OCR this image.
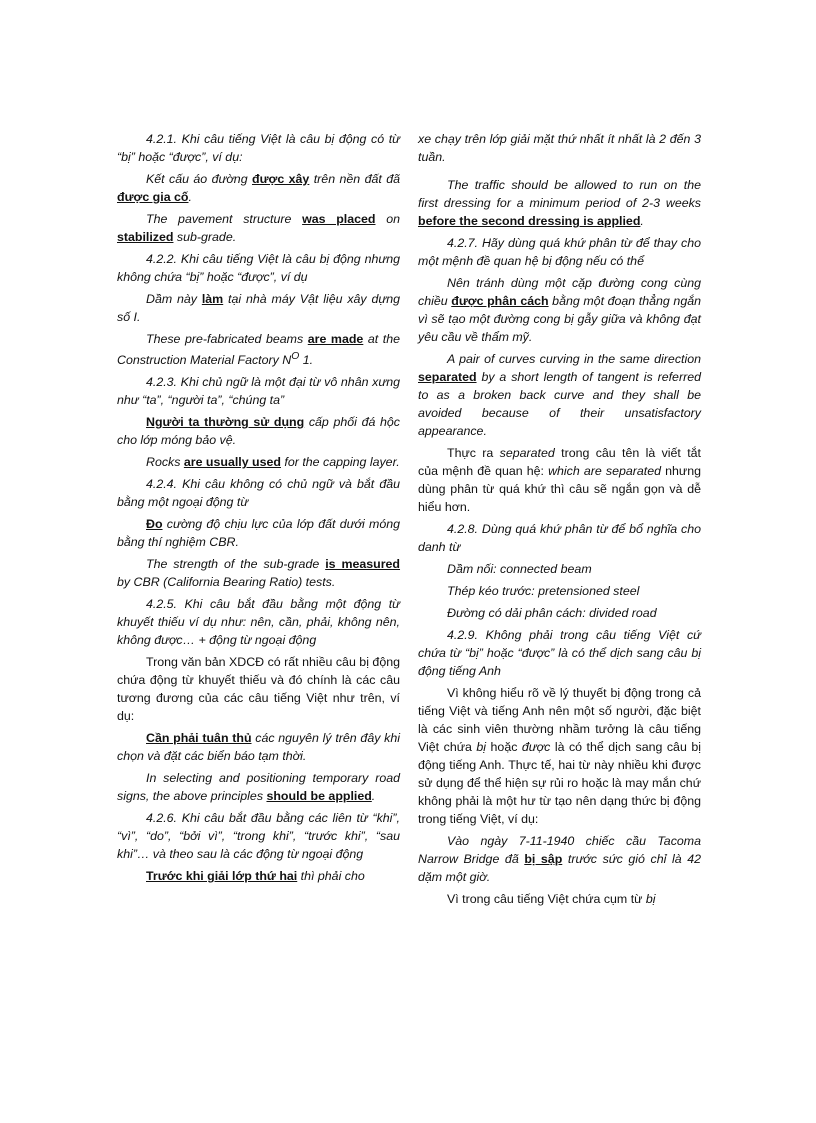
4.2.1. Khi câu tiếng Việt là câu bị động có từ “bị” hoặc “được”, ví dụ:

Kết cấu áo đường được xây trên nền đất đã được gia cố.

The pavement structure was placed on stabilized sub-grade.

4.2.2. Khi câu tiếng Việt là câu bị động nhưng không chứa “bị” hoặc “được”, ví dụ

Dầm này làm tại nhà máy Vật liệu xây dựng số I.

These pre-fabricated beams are made at the Construction Material Factory $N^O$ 1.

4.2.3. Khi chủ ngữ là một đại từ vô nhân xưng như “ta”, “người ta”, “chúng ta”

Người ta thường sử dụng cấp phối đá hộc cho lớp móng bảo vệ.

Rocks are usually used for the capping layer.

4.2.4. Khi câu không có chủ ngữ và bắt đầu bằng một ngoại động từ

Đo cường độ chịu lực của lớp đất dưới móng bằng thí nghiệm CBR.

The strength of the sub-grade is measured by CBR (California Bearing Ratio) tests.

4.2.5. Khi câu bắt đầu bằng một động từ khuyết thiếu ví dụ như: nên, cần, phải, không nên, không được… + động từ ngoại động

Trong văn bản XDCĐ có rất nhiều câu bị động chứa động từ khuyết thiếu và đó chính là các câu tương đương của các câu tiếng Việt như trên, ví dụ:

Cần phải tuân thủ các nguyên lý trên đây khi chọn và đặt các biển báo tạm thời.

In selecting and positioning temporary road signs, the above principles should be applied.

4.2.6. Khi câu bắt đầu bằng các liên từ “khi”, “vì”, “do”, “bởi vì”, “trong khi”, “trước khi”, “sau khi”… và theo sau là các động từ ngoại động

Trước khi giải lớp thứ hai thì phải cho

xe chạy trên lớp giải mặt thứ nhất ít nhất là 2 đến 3 tuần.

The traffic should be allowed to run on the first dressing for a minimum period of 2-3 weeks before the second dressing is applied.

4.2.7. Hãy dùng quá khứ phân từ để thay cho một mệnh đề quan hệ bị động nếu có thể

Nên tránh dùng một cặp đường cong cùng chiều được phân cách bằng một đoạn thẳng ngắn vì sẽ tạo một đường cong bị gẫy giữa và không đạt yêu cầu về thẩm mỹ.

A pair of curves curving in the same direction separated by a short length of tangent is referred to as a broken back curve and they shall be avoided because of their unsatisfactory appearance.

Thực ra separated trong câu tên là viết tắt của mệnh đề quan hệ: which are separated nhưng dùng phân từ quá khứ thì câu sẽ ngắn gọn và dễ hiểu hơn.

4.2.8. Dùng quá khứ phân từ để bổ nghĩa cho danh từ

Dầm nối: connected beam

Thép kéo trước: pretensioned steel

Đường có dải phân cách: divided road

4.2.9. Không phải trong câu tiếng Việt cứ chứa từ “bị” hoặc “được” là có thể dịch sang câu bị động tiếng Anh

Vì không hiểu rõ về lý thuyết bị động trong cả tiếng Việt và tiếng Anh nên một số người, đặc biệt là các sinh viên thường nhầm tưởng là câu tiếng Việt chứa bị hoặc được là có thể dịch sang câu bị động tiếng Anh. Thực tế, hai từ này nhiều khi được sử dụng để thể hiện sự rủi ro hoặc là may mắn chứ không phải là một hư từ tạo nên dạng thức bị động trong tiếng Việt, ví dụ:

Vào ngày 7-11-1940 chiếc cầu Tacoma Narrow Bridge đã bị sập trước sức gió chỉ là 42 dặm một giờ.

Vì trong câu tiếng Việt chứa cụm từ bị
